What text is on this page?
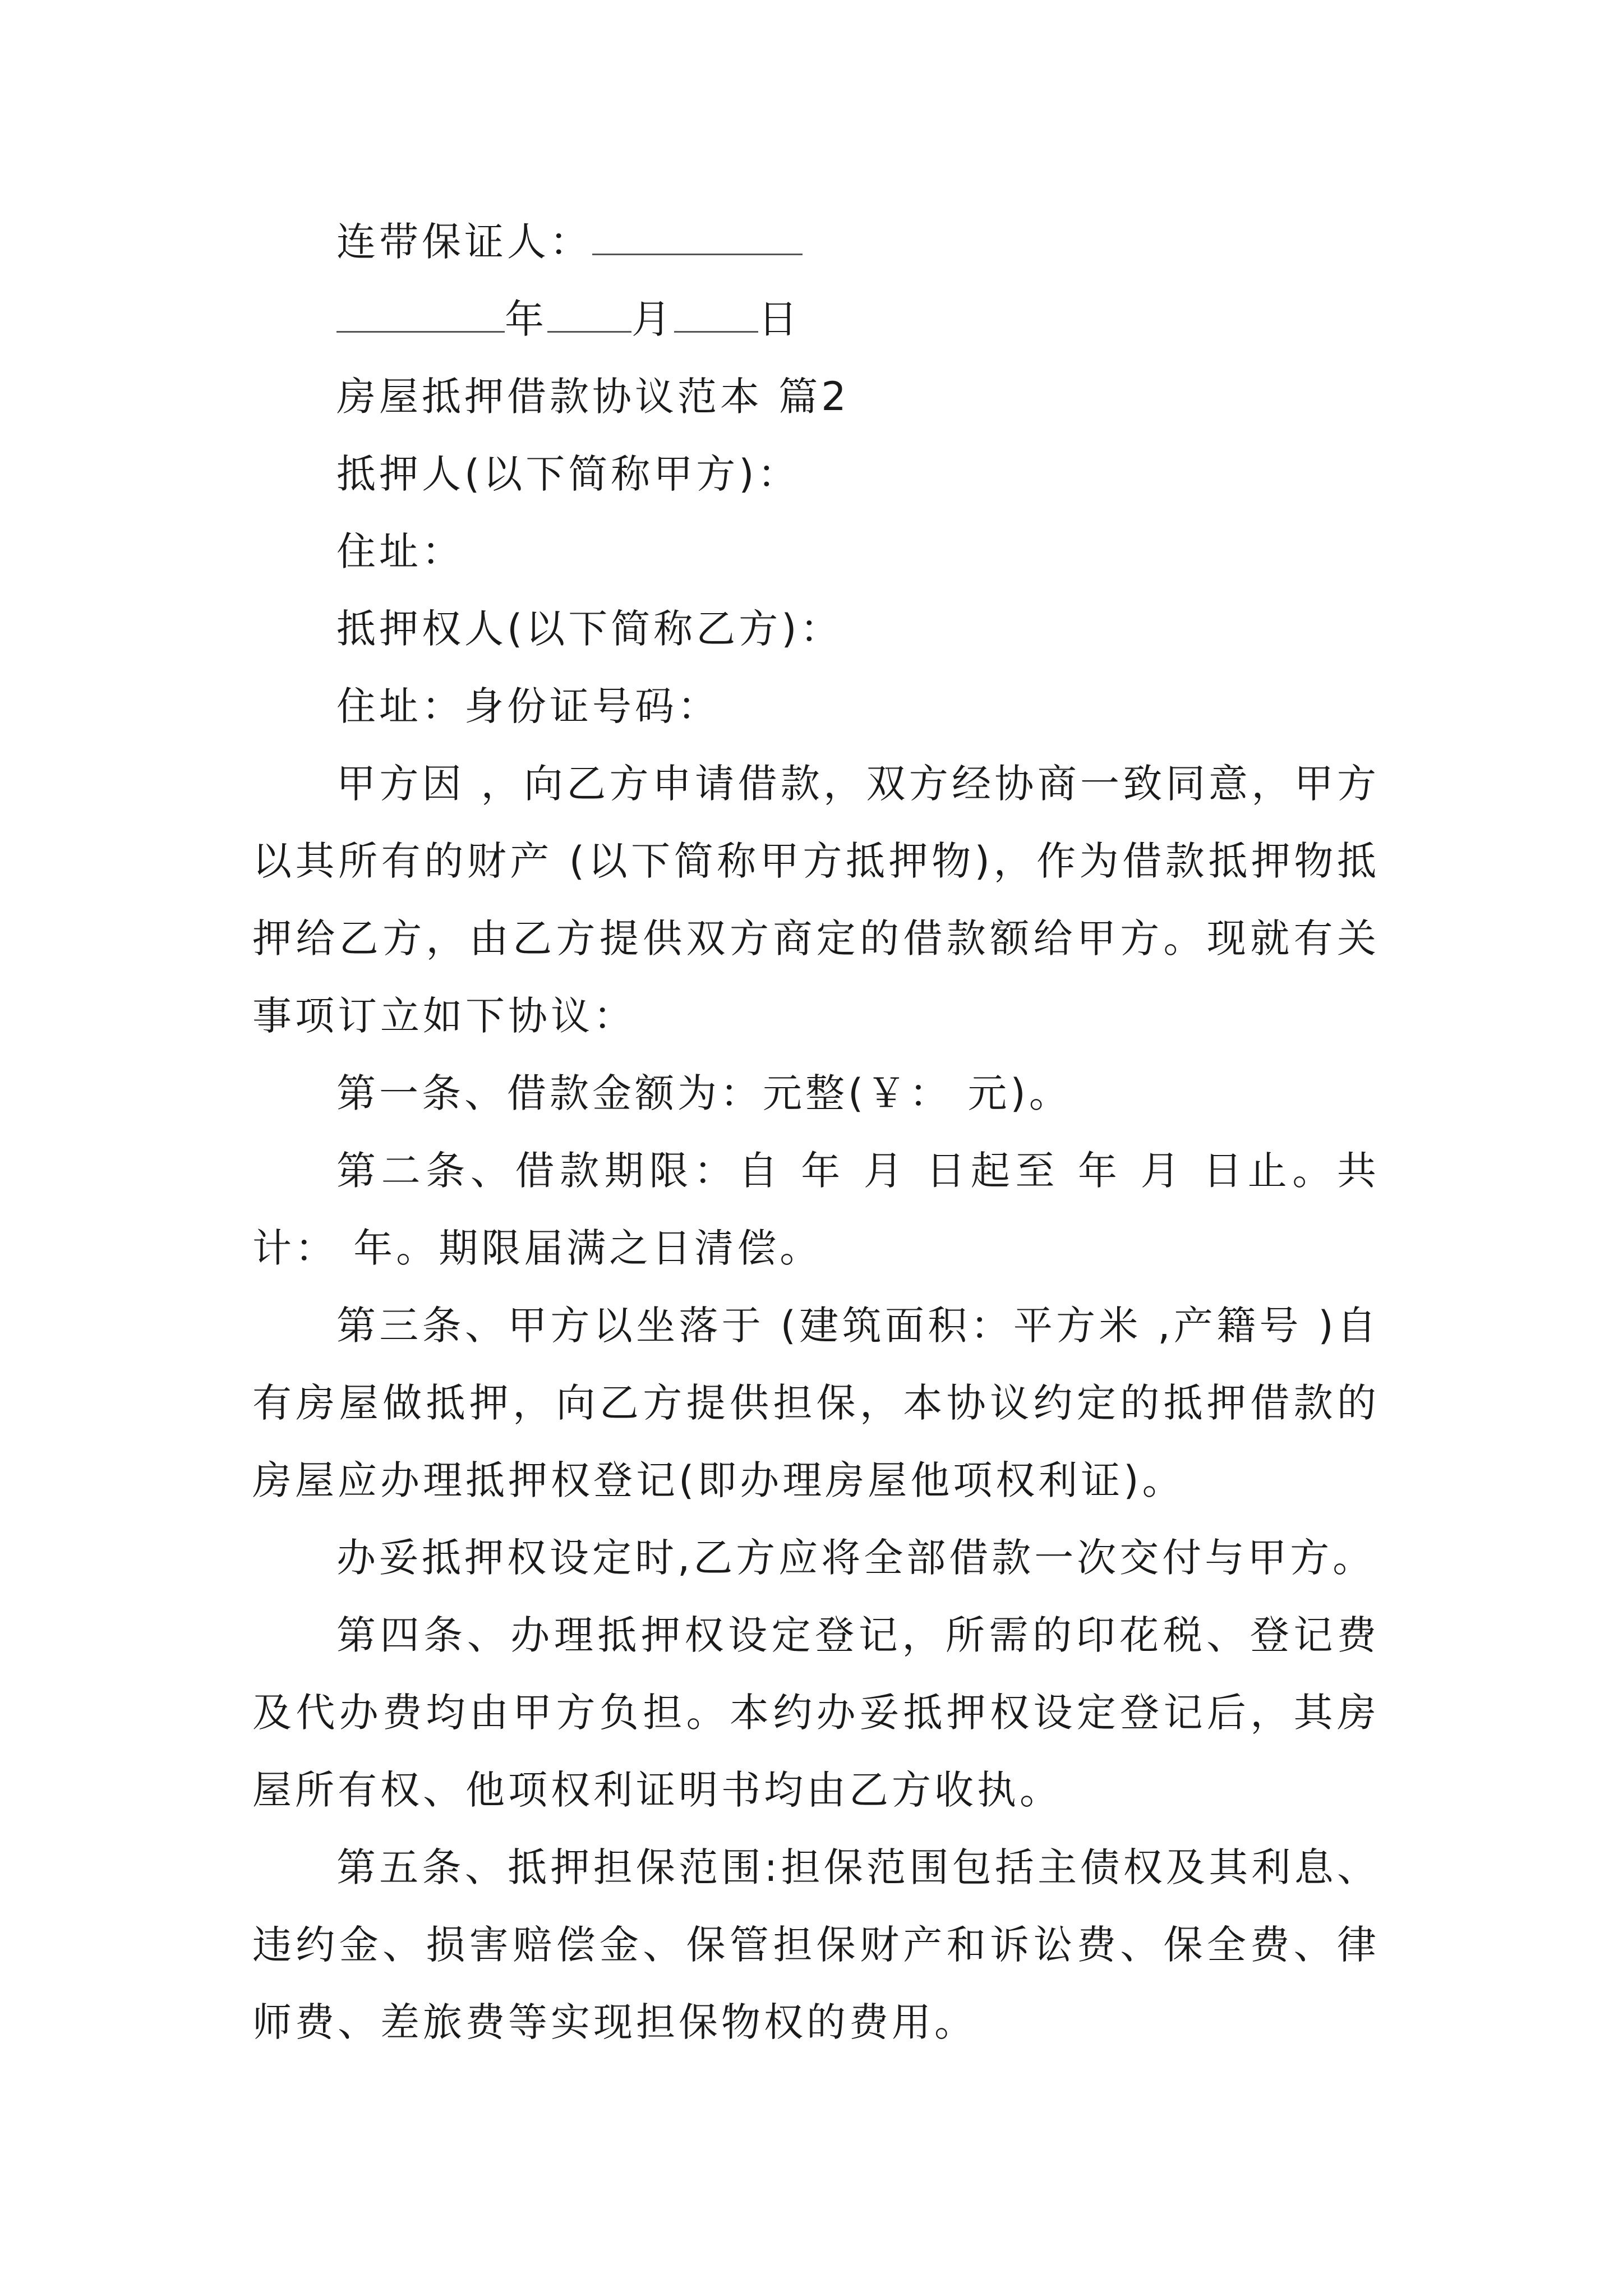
连带保证人：
年 月 日
房屋抵押借款协议范本 篇2
抵押人(以下简称甲方)：
住址：
抵押权人(以下简称乙方)：
住址：身份证号码：
甲方因 ，向乙方申请借款，双方经协商一致同意，甲方以其所有的财产 (以下简称甲方抵押物)，作为借款抵押物抵押给乙方，由乙方提供双方商定的借款额给甲方。现就有关事项订立如下协议：
第一条、借款金额为：元整(￥： 元)。
第二条、借款期限：自 年 月 日起至 年 月 日止。共计： 年。期限届满之日清偿。
第三条、甲方以坐落于 (建筑面积：平方米 ,产籍号 )自有房屋做抵押，向乙方提供担保，本协议约定的抵押借款的房屋应办理抵押权登记(即办理房屋他项权利证)。
办妥抵押权设定时,乙方应将全部借款一次交付与甲方。
第四条、办理抵押权设定登记，所需的印花税、登记费及代办费均由甲方负担。本约办妥抵押权设定登记后，其房屋所有权、他项权利证明书均由乙方收执。
第五条、抵押担保范围:担保范围包括主债权及其利息、违约金、损害赔偿金、保管担保财产和诉讼费、保全费、律师费、差旅费等实现担保物权的费用。
